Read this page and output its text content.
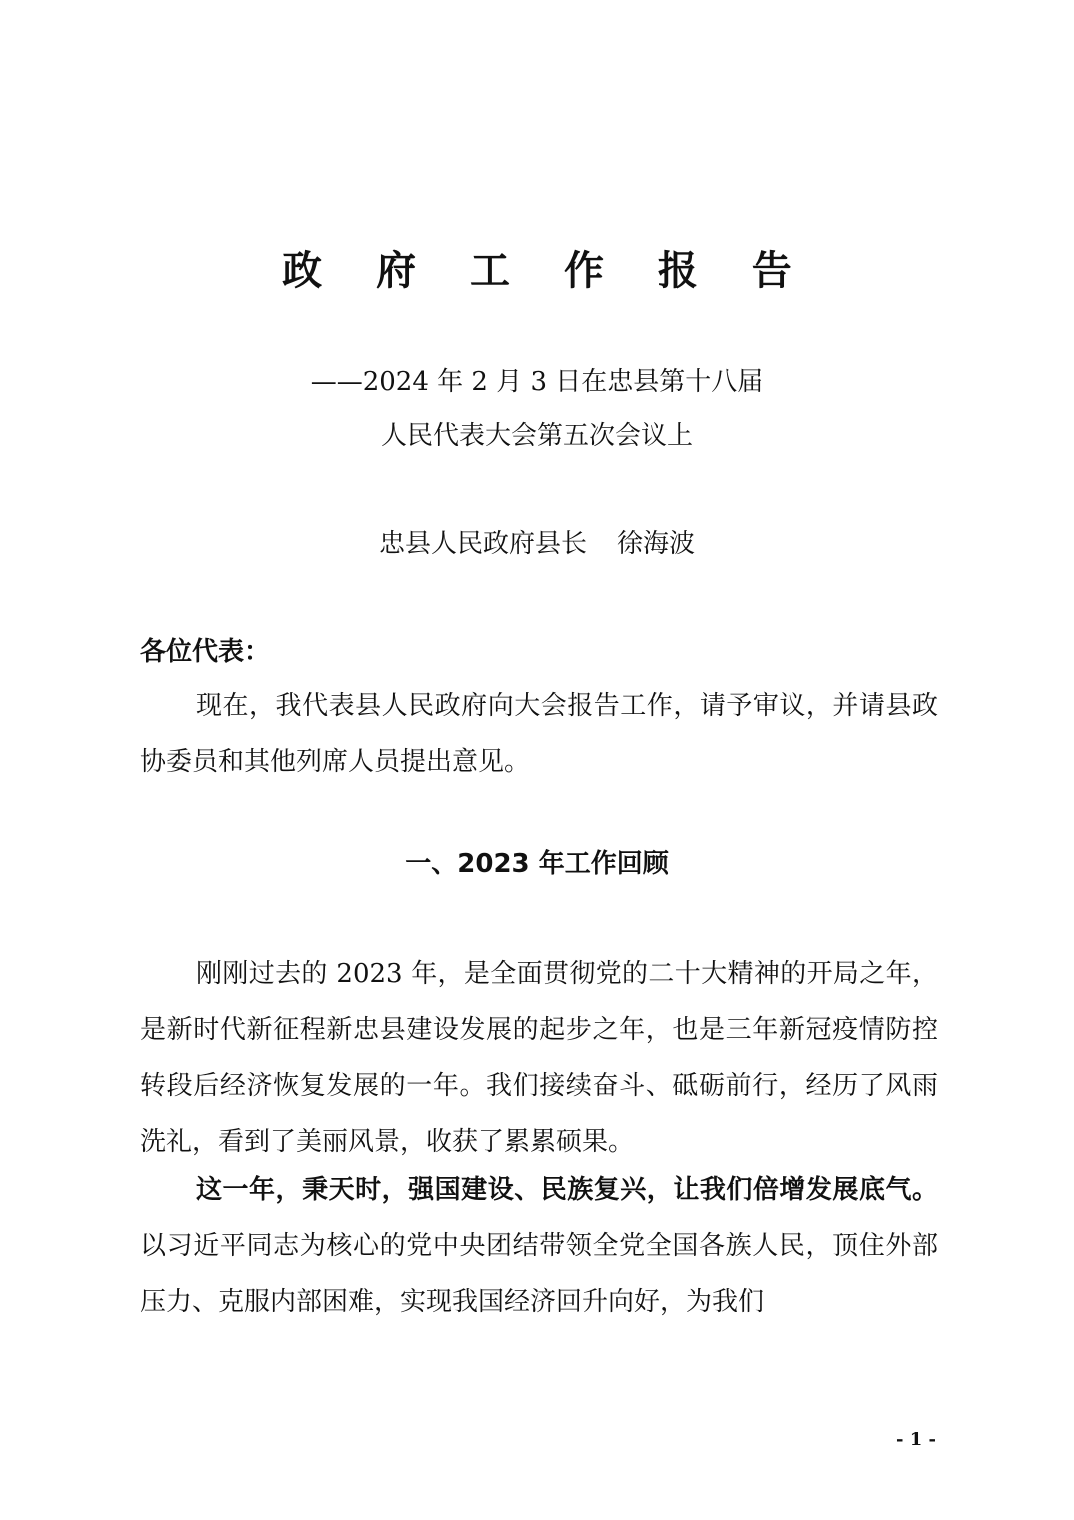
政 府 工 作 报 告
——2024 年 2 月 3 日在忠县第十八届
人民代表大会第五次会议上
忠县人民政府县长 徐海波
各位代表：

现在，我代表县人民政府向大会报告工作，请予审议，并请县政协委员和其他列席人员提出意见。

一、2023 年工作回顾

刚刚过去的 2023 年，是全面贯彻党的二十大精神的开局之年，是新时代新征程新忠县建设发展的起步之年，也是三年新冠疫情防控转段后经济恢复发展的一年。我们接续奋斗、砥砺前行，经历了风雨洗礼，看到了美丽风景，收获了累累硕果。

这一年，秉天时，强国建设、民族复兴，让我们倍增发展底气。以习近平同志为核心的党中央团结带领全党全国各族人民，顶住外部压力、克服内部困难，实现我国经济回升向好，为我们

- 1 -
